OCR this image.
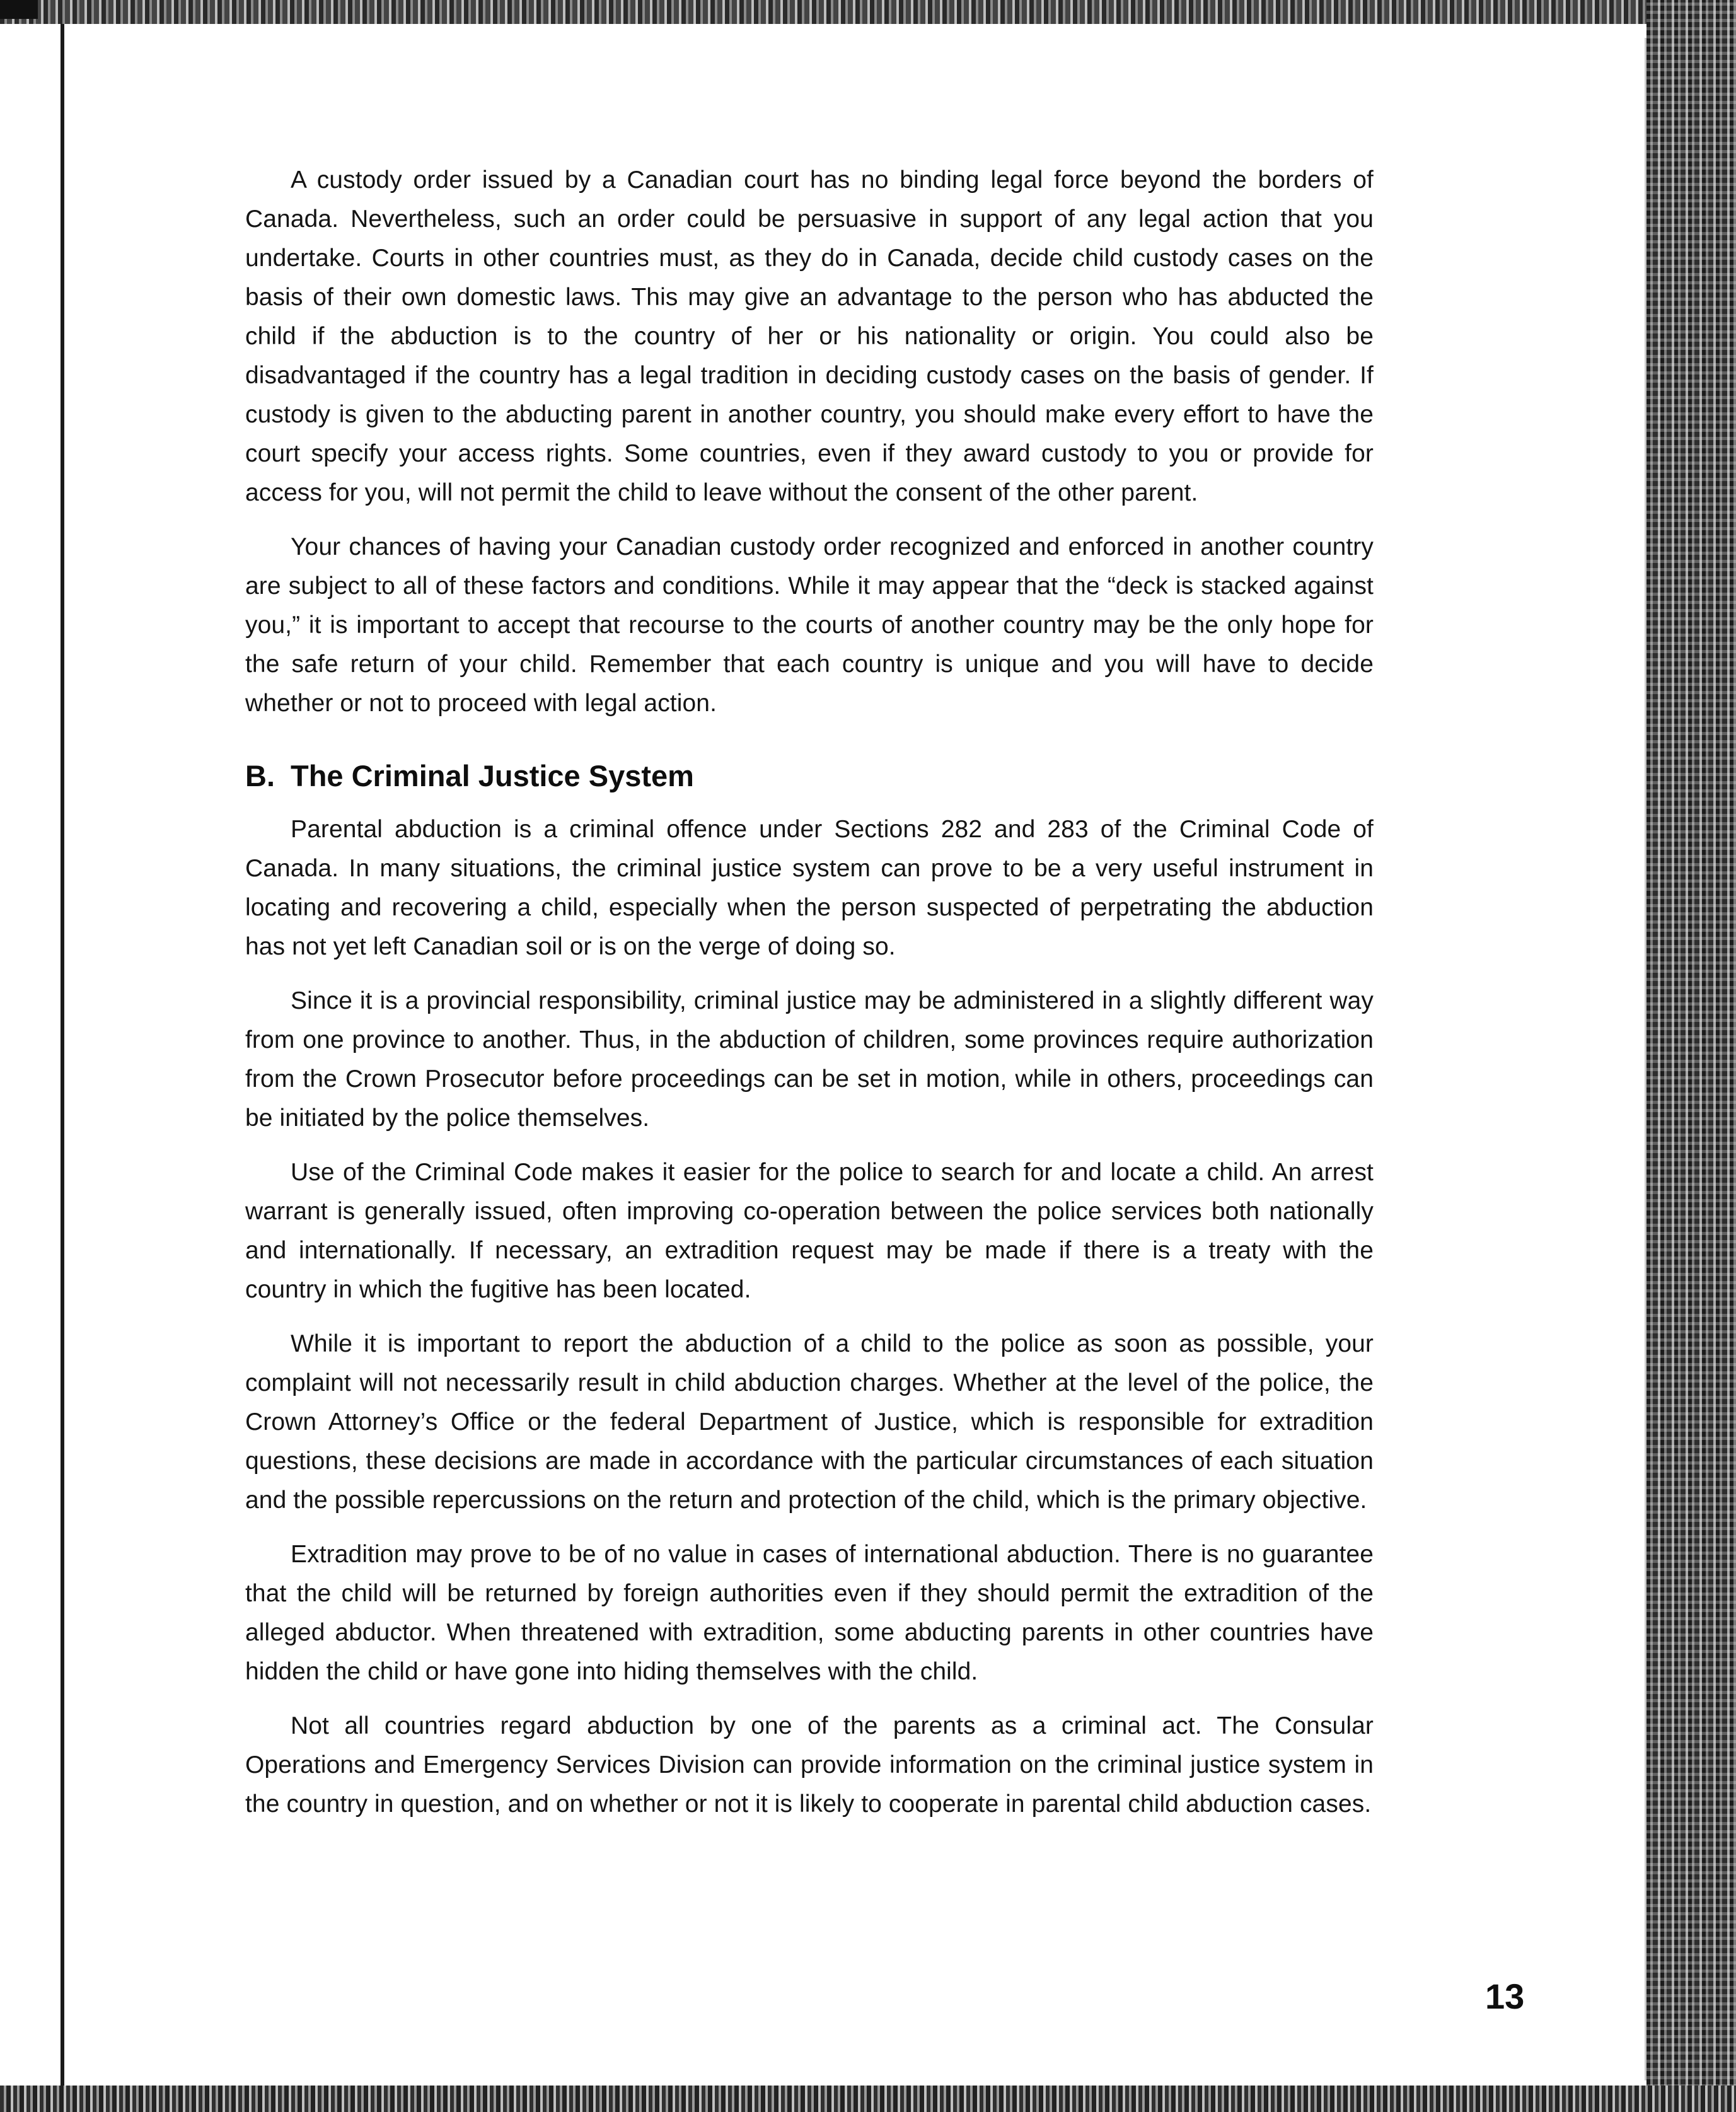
A custody order issued by a Canadian court has no binding legal force beyond the borders of Canada. Nevertheless, such an order could be persuasive in support of any legal action that you undertake. Courts in other countries must, as they do in Canada, decide child custody cases on the basis of their own domestic laws. This may give an advantage to the person who has abducted the child if the abduction is to the country of her or his nationality or origin. You could also be disadvantaged if the country has a legal tradition in deciding custody cases on the basis of gender. If custody is given to the abducting parent in another country, you should make every effort to have the court specify your access rights. Some countries, even if they award custody to you or provide for access for you, will not permit the child to leave without the consent of the other parent.

Your chances of having your Canadian custody order recognized and enforced in another country are subject to all of these factors and conditions. While it may appear that the “deck is stacked against you,” it is important to accept that recourse to the courts of another country may be the only hope for the safe return of your child. Remember that each country is unique and you will have to decide whether or not to proceed with legal action.

B. The Criminal Justice System

Parental abduction is a criminal offence under Sections 282 and 283 of the Criminal Code of Canada. In many situations, the criminal justice system can prove to be a very useful instrument in locating and recovering a child, especially when the person suspected of perpetrating the abduction has not yet left Canadian soil or is on the verge of doing so.

Since it is a provincial responsibility, criminal justice may be administered in a slightly different way from one province to another. Thus, in the abduction of children, some provinces require authorization from the Crown Prosecutor before proceedings can be set in motion, while in others, proceedings can be initiated by the police themselves.

Use of the Criminal Code makes it easier for the police to search for and locate a child. An arrest warrant is generally issued, often improving co-operation between the police services both nationally and internationally. If necessary, an extradition request may be made if there is a treaty with the country in which the fugitive has been located.

While it is important to report the abduction of a child to the police as soon as possible, your complaint will not necessarily result in child abduction charges. Whether at the level of the police, the Crown Attorney’s Office or the federal Department of Justice, which is responsible for extradition questions, these decisions are made in accordance with the particular circumstances of each situation and the possible repercussions on the return and protection of the child, which is the primary objective.

Extradition may prove to be of no value in cases of international abduction. There is no guarantee that the child will be returned by foreign authorities even if they should permit the extradition of the alleged abductor. When threatened with extradition, some abducting parents in other countries have hidden the child or have gone into hiding themselves with the child.

Not all countries regard abduction by one of the parents as a criminal act. The Consular Operations and Emergency Services Division can provide information on the criminal justice system in the country in question, and on whether or not it is likely to cooperate in parental child abduction cases.

13
